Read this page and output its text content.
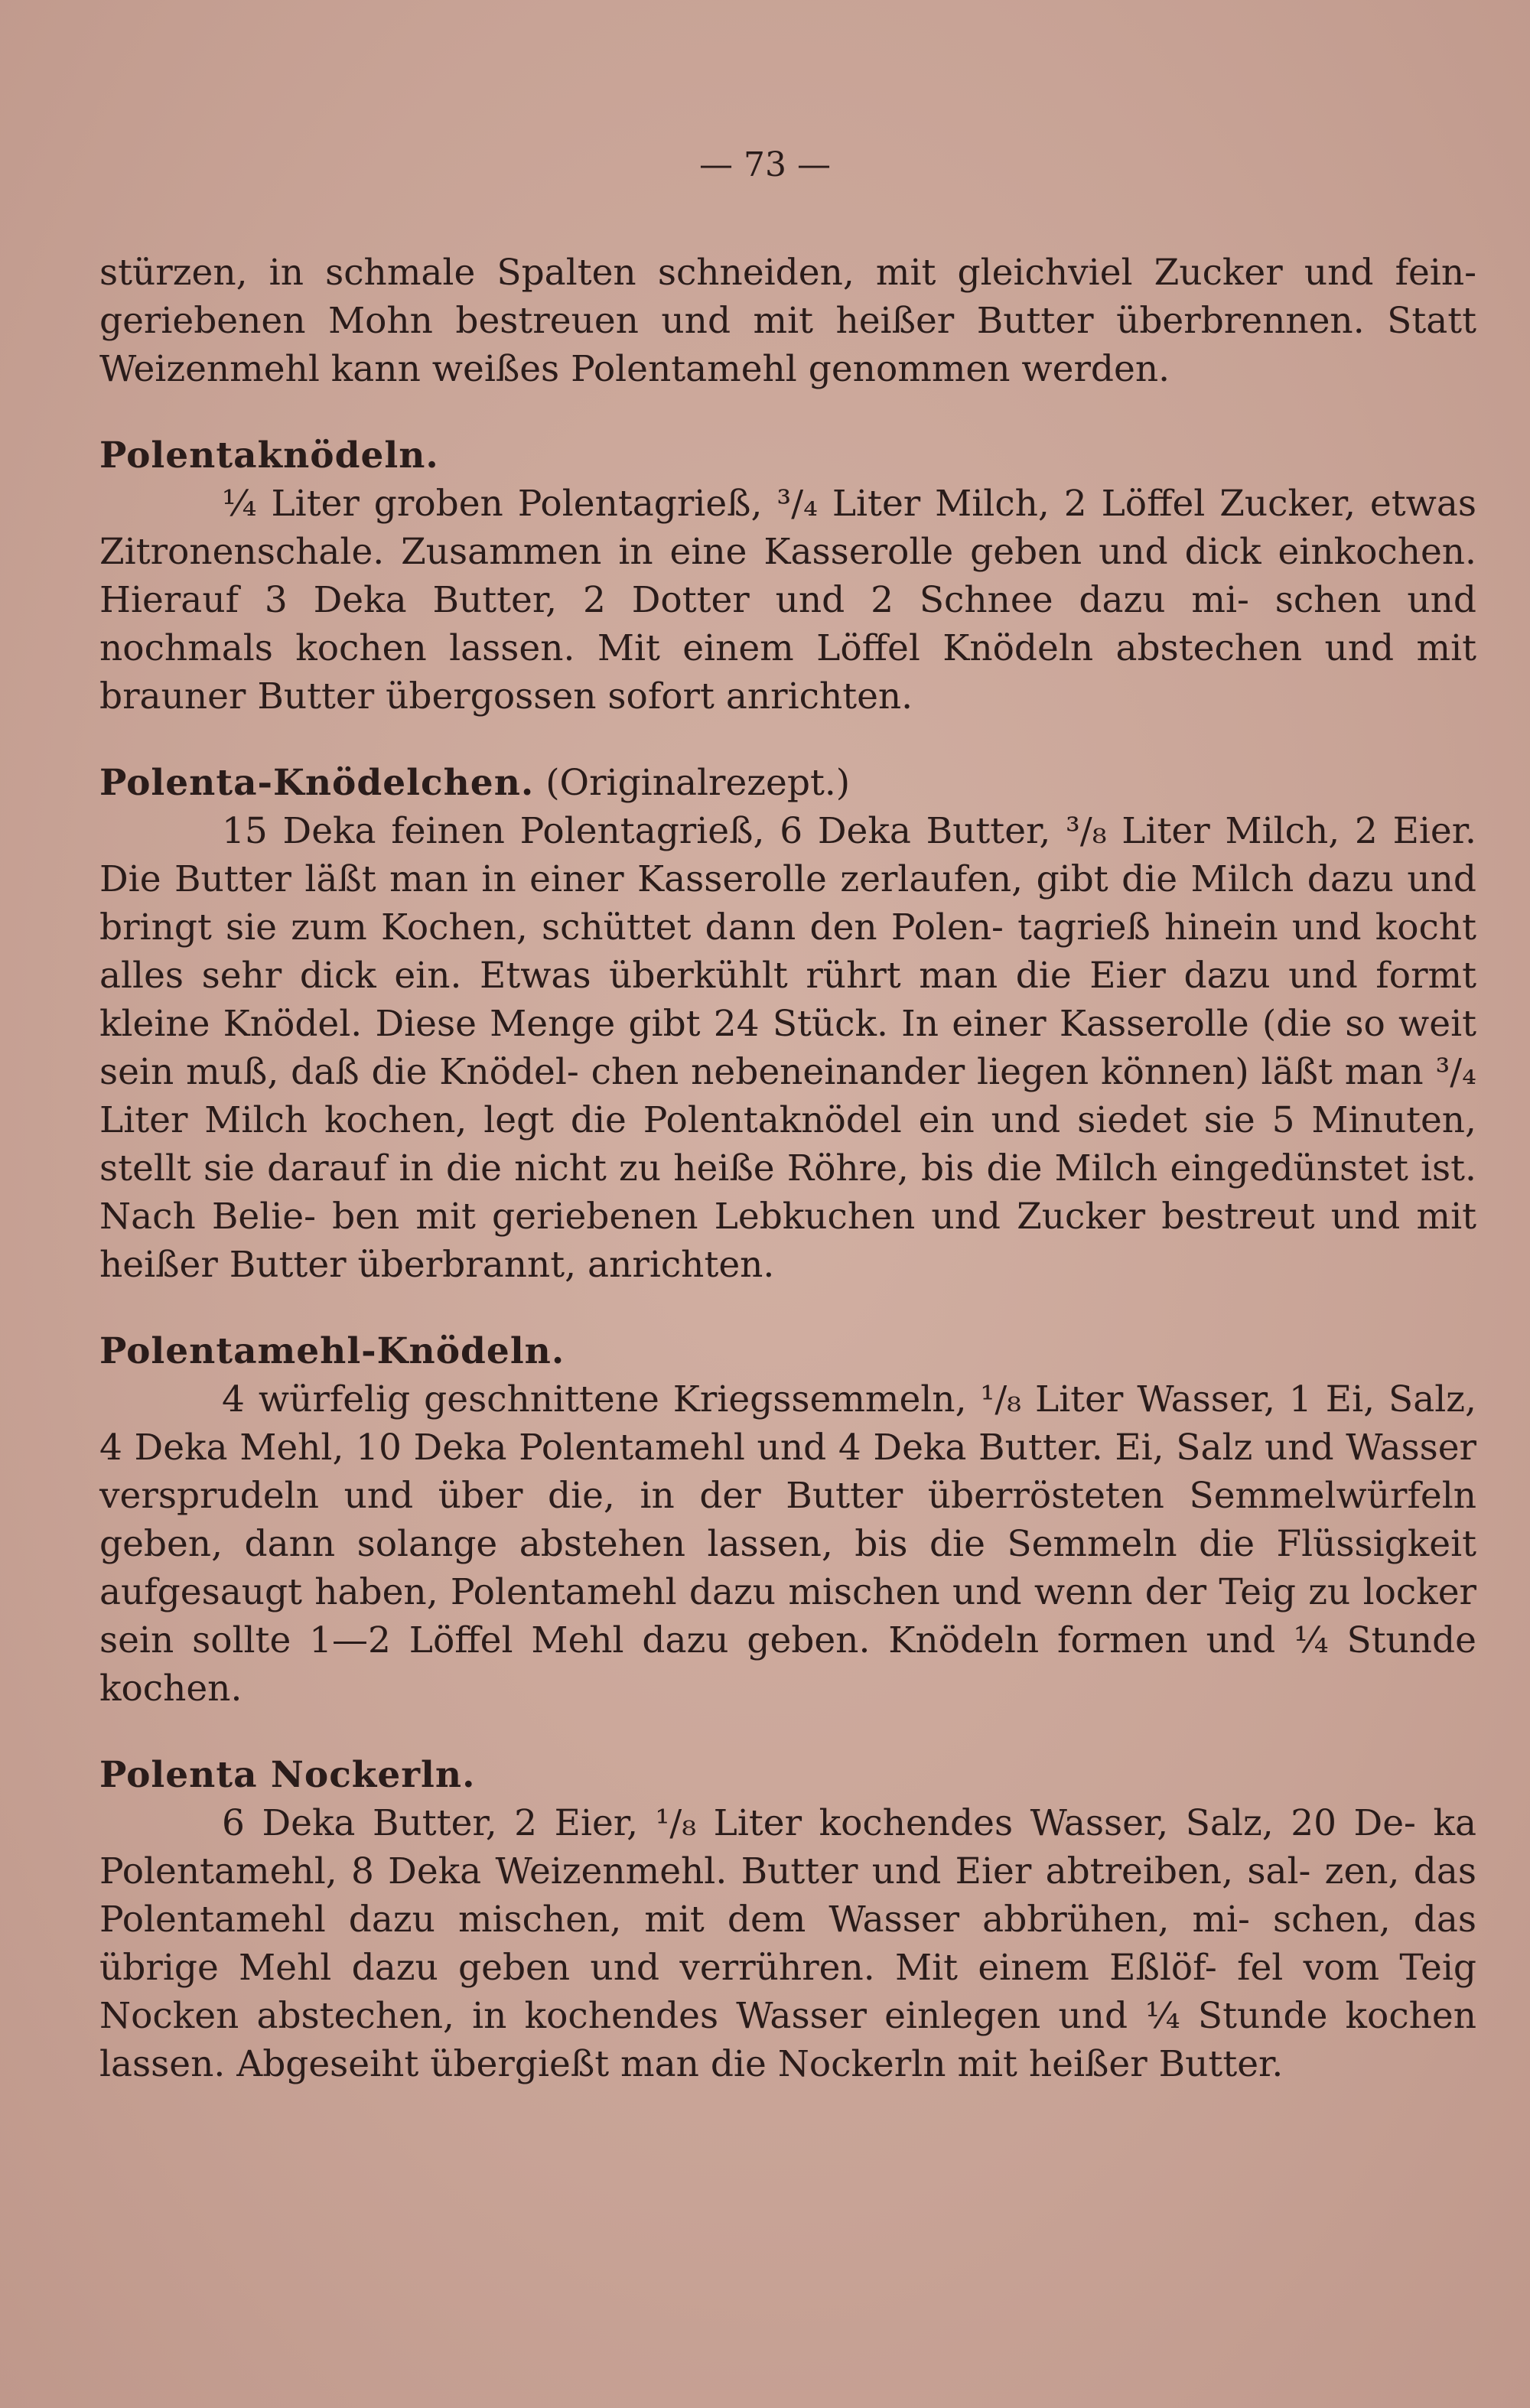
— 73 —

stürzen, in schmale Spalten schneiden, mit gleichviel Zucker und fein- geriebenen Mohn bestreuen und mit heißer Butter überbrennen. Statt Weizenmehl kann weißes Polentamehl genommen werden.

Polentaknödeln.

¼ Liter groben Polentagrieß, ³/₄ Liter Milch, 2 Löffel Zucker, etwas Zitronenschale. Zusammen in eine Kasserolle geben und dick einkochen. Hierauf 3 Deka Butter, 2 Dotter und 2 Schnee dazu mi- schen und nochmals kochen lassen. Mit einem Löffel Knödeln abstechen und mit brauner Butter übergossen sofort anrichten.

Polenta-Knödelchen. (Originalrezept.)

15 Deka feinen Polentagrieß, 6 Deka Butter, ³/₈ Liter Milch, 2 Eier. Die Butter läßt man in einer Kasserolle zerlaufen, gibt die Milch dazu und bringt sie zum Kochen, schüttet dann den Polen- tagrieß hinein und kocht alles sehr dick ein. Etwas überkühlt rührt man die Eier dazu und formt kleine Knödel. Diese Menge gibt 24 Stück. In einer Kasserolle (die so weit sein muß, daß die Knödel- chen nebeneinander liegen können) läßt man ³/₄ Liter Milch kochen, legt die Polentaknödel ein und siedet sie 5 Minuten, stellt sie darauf in die nicht zu heiße Röhre, bis die Milch eingedünstet ist. Nach Belie- ben mit geriebenen Lebkuchen und Zucker bestreut und mit heißer Butter überbrannt, anrichten.

Polentamehl-Knödeln.

4 würfelig geschnittene Kriegssemmeln, ¹/₈ Liter Wasser, 1 Ei, Salz, 4 Deka Mehl, 10 Deka Polentamehl und 4 Deka Butter. Ei, Salz und Wasser versprudeln und über die, in der Butter überrösteten Semmelwürfeln geben, dann solange abstehen lassen, bis die Semmeln die Flüssigkeit aufgesaugt haben, Polentamehl dazu mischen und wenn der Teig zu locker sein sollte 1—2 Löffel Mehl dazu geben. Knödeln formen und ¼ Stunde kochen.

Polenta Nockerln.

6 Deka Butter, 2 Eier, ¹/₈ Liter kochendes Wasser, Salz, 20 De- ka Polentamehl, 8 Deka Weizenmehl. Butter und Eier abtreiben, sal- zen, das Polentamehl dazu mischen, mit dem Wasser abbrühen, mi- schen, das übrige Mehl dazu geben und verrühren. Mit einem Eßlöf- fel vom Teig Nocken abstechen, in kochendes Wasser einlegen und ¼ Stunde kochen lassen. Abgeseiht übergießt man die Nockerln mit heißer Butter.
